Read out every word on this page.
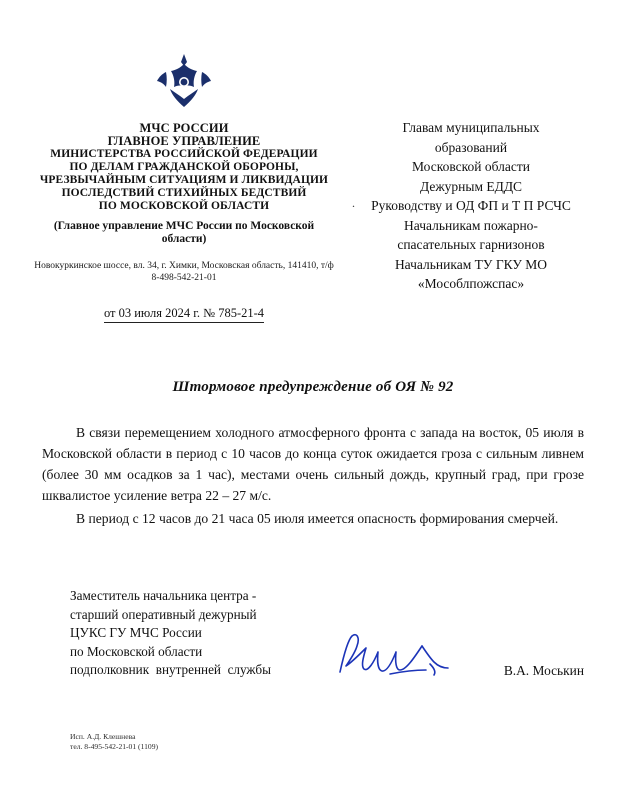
МЧС РОССИИ
ГЛАВНОЕ УПРАВЛЕНИЕ
МИНИСТЕРСТВА РОССИЙСКОЙ ФЕДЕРАЦИИ
ПО ДЕЛАМ ГРАЖДАНСКОЙ ОБОРОНЫ,
ЧРЕЗВЫЧАЙНЫМ СИТУАЦИЯМ И ЛИКВИДАЦИИ
ПОСЛЕДСТВИЙ СТИХИЙНЫХ БЕДСТВИЙ
ПО МОСКОВСКОЙ ОБЛАСТИ
(Главное управление МЧС России по Московской области)
Новокуркинское шоссе, вл. 34, г. Химки, Московская область, 141410, т/ф 8-498-542-21-01
от 03 июля 2024 г. № 785-21-4
Главам муниципальных
образований
Московской области
Дежурным ЕДДС
Руководству и ОД ФП и Т П РСЧС
Начальникам пожарно-
спасательных гарнизонов
Начальникам ТУ ГКУ МО
«Мособлпожспас»
.
Штормовое предупреждение об ОЯ № 92

В связи перемещением холодного атмосферного фронта с запада на восток, 05 июля в Московской области в период с 10 часов до конца суток ожидается гроза с сильным ливнем (более 30 мм осадков за 1 час), местами очень сильный дождь, крупный град, при грозе шквалистое усиление ветра 22 – 27 м/с.

В период с 12 часов до 21 часа 05 июля имеется опасность формирования смерчей.

Заместитель начальника центра -
старший оперативный дежурный
ЦУКС ГУ МЧС России
по Московской области
подполковник  внутренней  службы	В.А. Моськин
Исп. А.Д. Клешнева
тел. 8-495-542-21-01 (1109)
